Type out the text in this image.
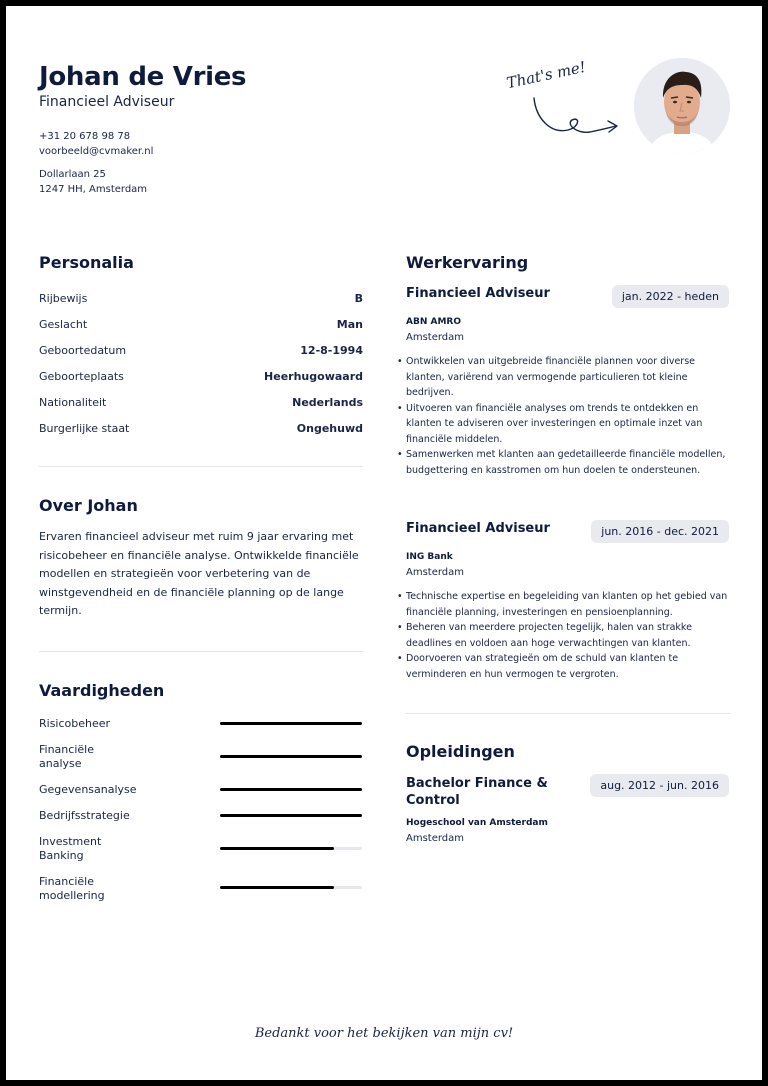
Johan de Vries
Financieel Adviseur
+31 20 678 98 78
voorbeeld@cvmaker.nl
Dollarlaan 25
1247 HH, Amsterdam
That's me!
Personalia
Rijbewijs	B
Geslacht	Man
Geboortedatum	12-8-1994
Geboorteplaats	Heerhugowaard
Nationaliteit	Nederlands
Burgerlijke staat	Ongehuwd
Over Johan
Ervaren financieel adviseur met ruim 9 jaar ervaring met risicobeheer en financiële analyse. Ontwikkelde financiële modellen en strategieën voor verbetering van de winstgevendheid en de financiële planning op de lange termijn.
Vaardigheden
Risicobeheer
Financiële analyse
Gegevensanalyse
Bedrijfsstrategie
Investment Banking
Financiële modellering
Werkervaring
Financieel Adviseur	jan. 2022 - heden
ABN AMRO
Amsterdam
• Ontwikkelen van uitgebreide financiële plannen voor diverse klanten, variërend van vermogende particulieren tot kleine bedrijven.
• Uitvoeren van financiële analyses om trends te ontdekken en klanten te adviseren over investeringen en optimale inzet van financiële middelen.
• Samenwerken met klanten aan gedetailleerde financiële modellen, budgettering en kasstromen om hun doelen te ondersteunen.
Financieel Adviseur	jun. 2016 - dec. 2021
ING Bank
Amsterdam
• Technische expertise en begeleiding van klanten op het gebied van financiële planning, investeringen en pensioenplanning.
• Beheren van meerdere projecten tegelijk, halen van strakke deadlines en voldoen aan hoge verwachtingen van klanten.
• Doorvoeren van strategieën om de schuld van klanten te verminderen en hun vermogen te vergroten.
Opleidingen
Bachelor Finance & Control
aug. 2012 - jun. 2016
Hogeschool van Amsterdam
Amsterdam
Bedankt voor het bekijken van mijn cv!
